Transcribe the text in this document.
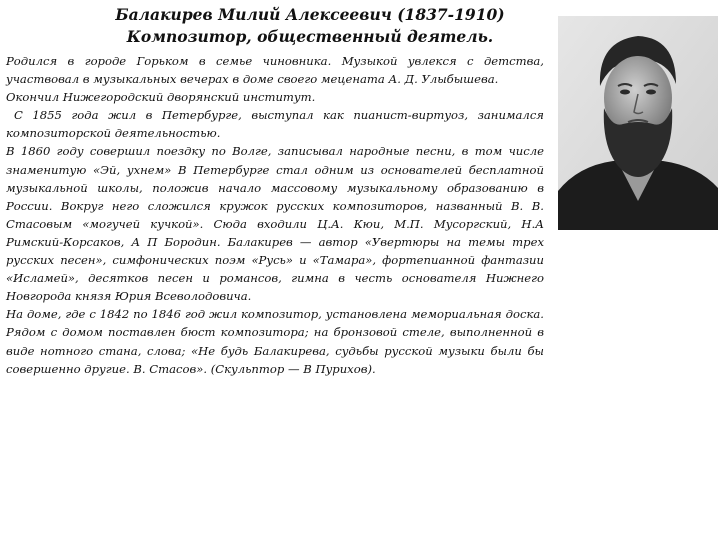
Балакирев Милий Алексеевич (1837-1910)
Композитор, общественный деятель.

Родился в городе Горьком в семье чиновника. Музыкой увлекся с детства, участвовал в музыкальных вечерах в доме своего мецената А. Д. Улыбышева.

Окончил Нижегородский дворянский институт.

С 1855 года жил в Петербурге, выступал как пианист-виртуоз, занимался композиторской деятельностью.

В 1860 году совершил поездку по Волге, записывал народные песни, в том числе знаменитую «Эй, ухнем» В Петербурге стал одним из основателей бесплатной музыкальной школы, положив начало массовому музыкальному образованию в России. Вокруг него сложился кружок русских композиторов, названный В. В. Стасовым «могучей кучкой». Сюда входили Ц.А. Кюи, М.П. Мусоргский, Н.А Римский-Корсаков, А П Бородин. Балакирев — автор «Увертюры на темы трех русских песен», симфонических поэм «Русь» и «Тамара», фортепианной фантазии «Исламей», десятков песен и романсов, гимна в честь основателя Нижнего Новгорода князя Юрия Всеволодовича.

На доме, где с 1842 по 1846 год жил композитор, установлена мемориальная доска. Рядом с домом поставлен бюст композитора; на бронзовой стеле, выполненной в виде нотного стана, слова; «Не будь Балакирева, судьбы русской музыки были бы совершенно другие. В. Стасов». (Скульптор — В Пурихов).
